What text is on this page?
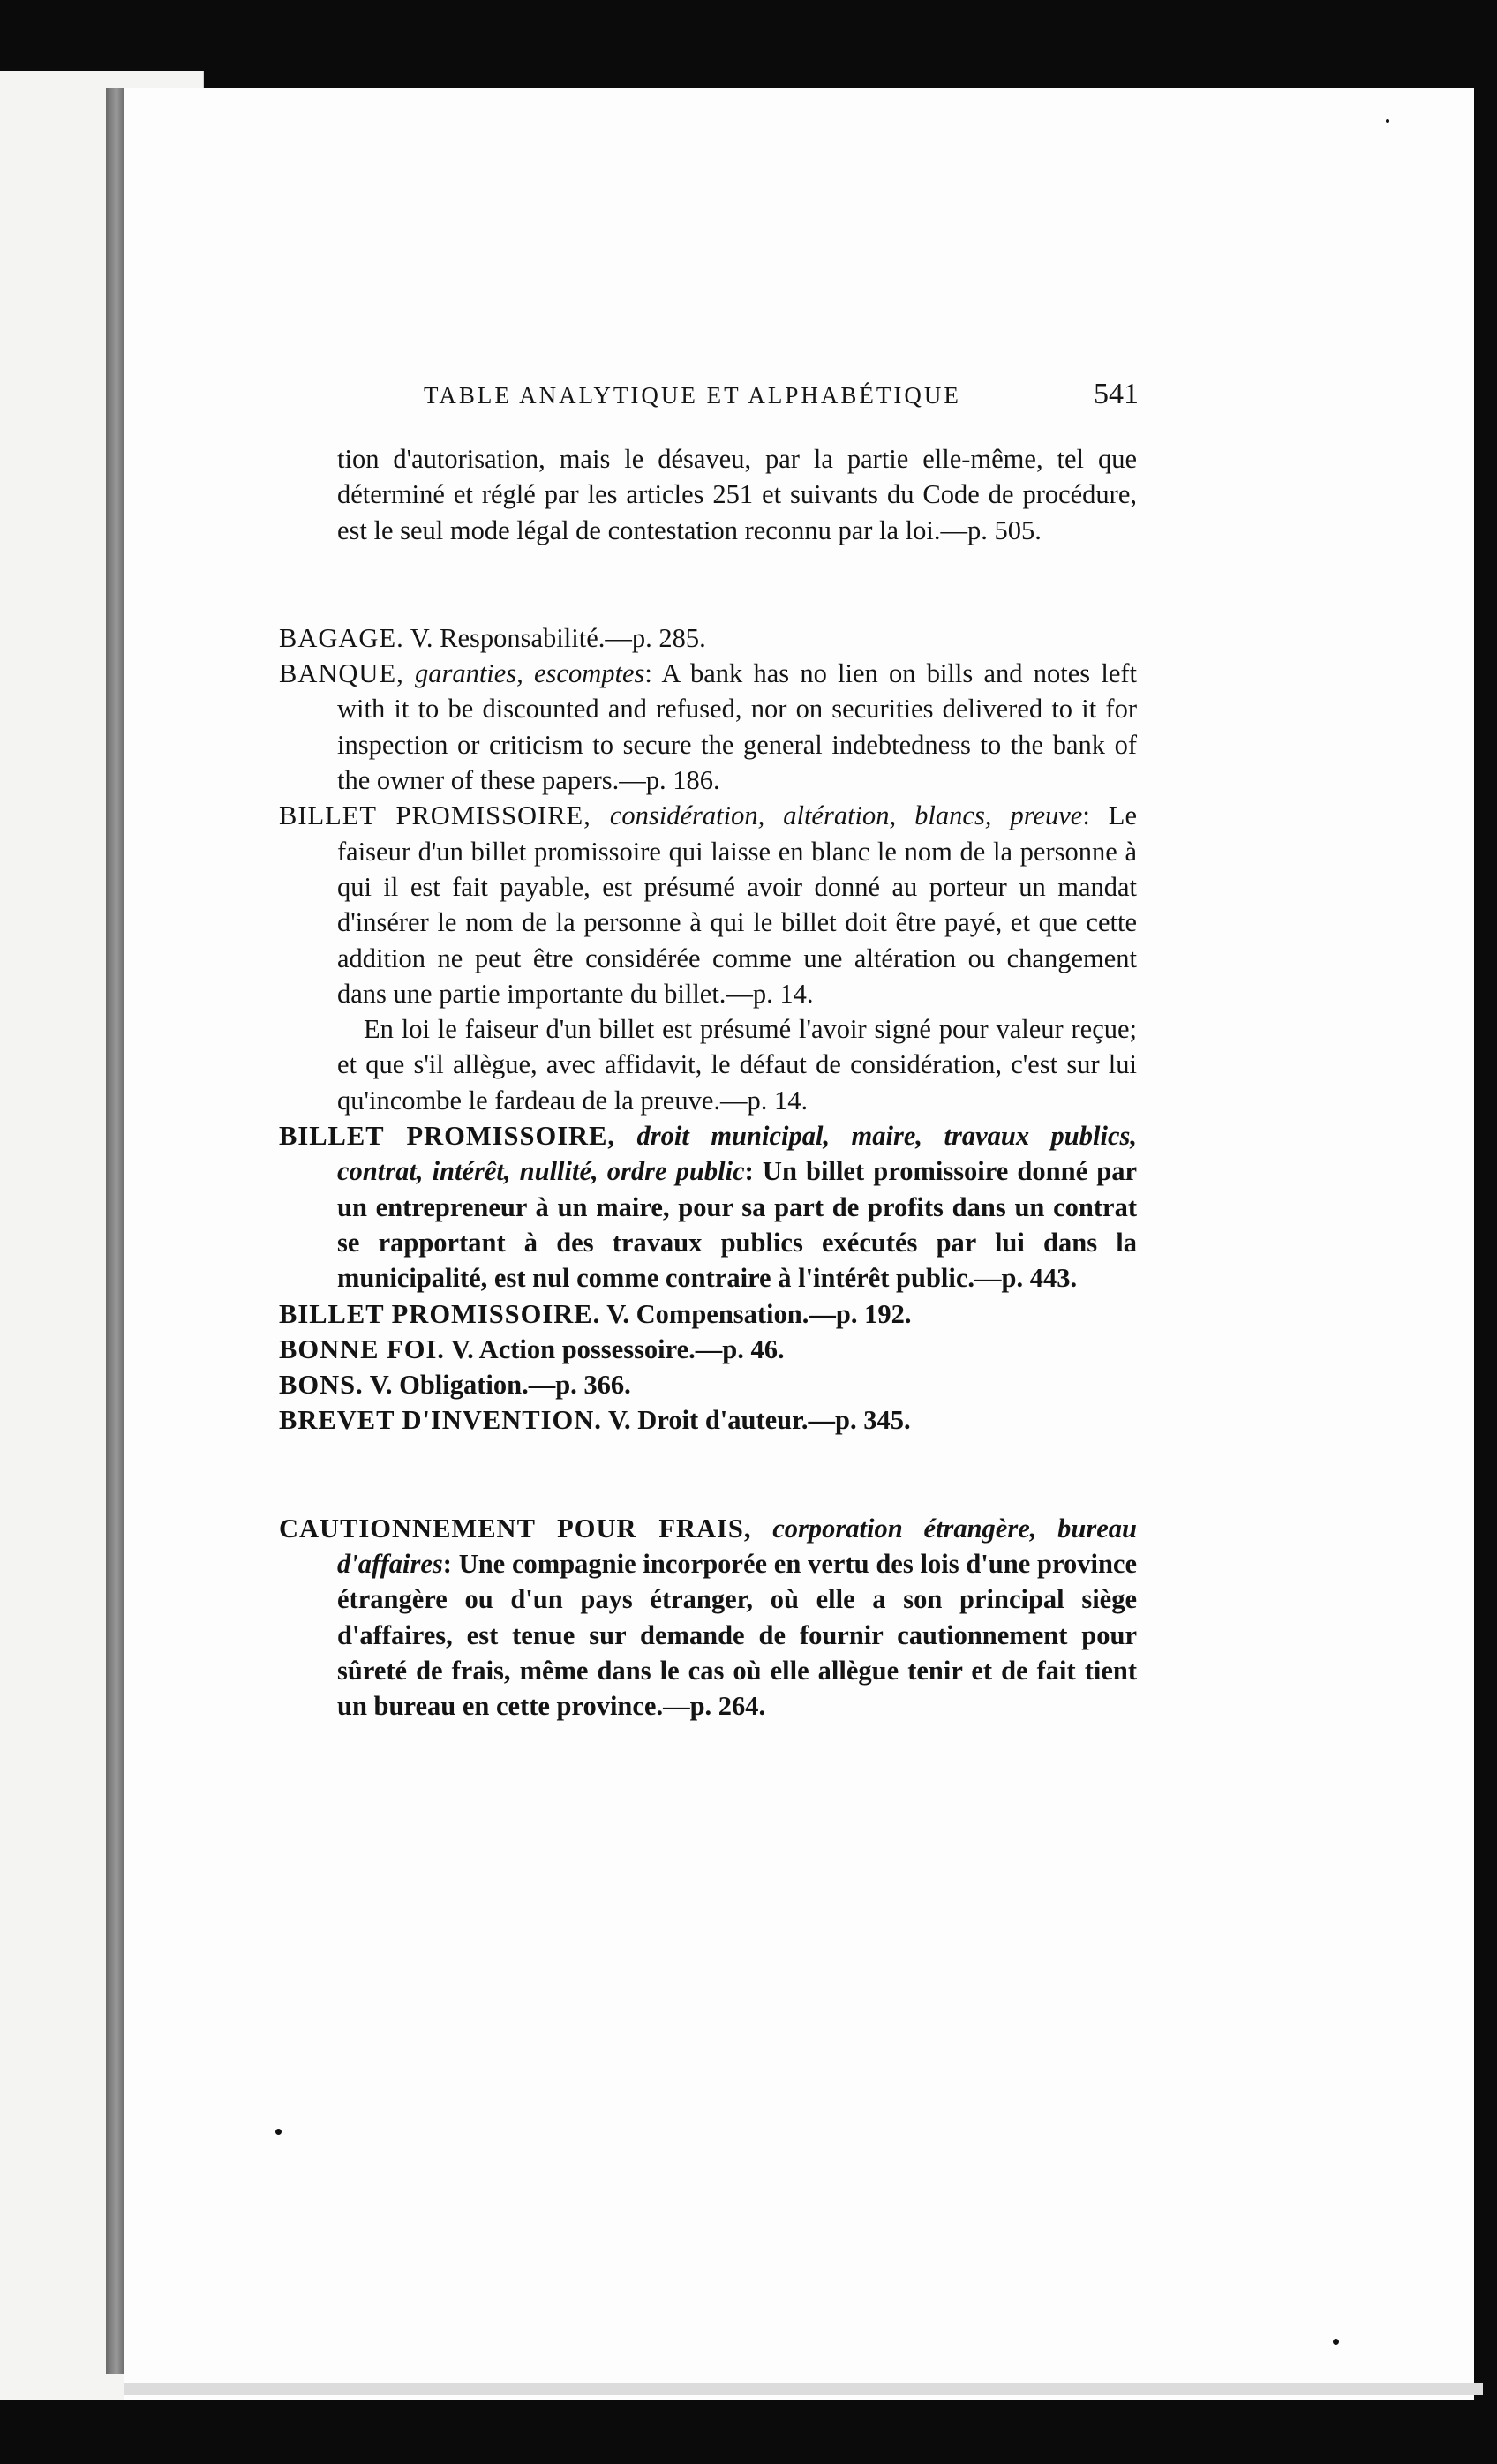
TABLE ANALYTIQUE ET ALPHABÉTIQUE	541

tion d'autorisation, mais le désaveu, par la partie elle-même, tel que déterminé et réglé par les articles 251 et suivants du Code de procédure, est le seul mode légal de contestation reconnu par la loi.—p. 505.

BAGAGE. V. Responsabilité.—p. 285.

BANQUE, garanties, escomptes: A bank has no lien on bills and notes left with it to be discounted and refused, nor on securities delivered to it for inspection or criticism to secure the general indebtedness to the bank of the owner of these papers.—p. 186.

BILLET PROMISSOIRE, considération, altération, blancs, preuve: Le faiseur d'un billet promissoire qui laisse en blanc le nom de la personne à qui il est fait payable, est présumé avoir donné au porteur un mandat d'insérer le nom de la personne à qui le billet doit être payé, et que cette addition ne peut être considérée comme une altération ou changement dans une partie importante du billet.—p. 14.

En loi le faiseur d'un billet est présumé l'avoir signé pour valeur reçue; et que s'il allègue, avec affidavit, le défaut de considération, c'est sur lui qu'incombe le fardeau de la preuve.—p. 14.

BILLET PROMISSOIRE, droit municipal, maire, travaux publics, contrat, intérêt, nullité, ordre public: Un billet promissoire donné par un entrepreneur à un maire, pour sa part de profits dans un contrat se rapportant à des travaux publics exécutés par lui dans la municipalité, est nul comme contraire à l'intérêt public.—p. 443.

BILLET PROMISSOIRE. V. Compensation.—p. 192.

BONNE FOI. V. Action possessoire.—p. 46.

BONS. V. Obligation.—p. 366.

BREVET D'INVENTION. V. Droit d'auteur.—p. 345.

CAUTIONNEMENT POUR FRAIS, corporation étrangère, bureau d'affaires: Une compagnie incorporée en vertu des lois d'une province étrangère ou d'un pays étranger, où elle a son principal siège d'affaires, est tenue sur demande de fournir cautionnement pour sûreté de frais, même dans le cas où elle allègue tenir et de fait tient un bureau en cette province.—p. 264.
